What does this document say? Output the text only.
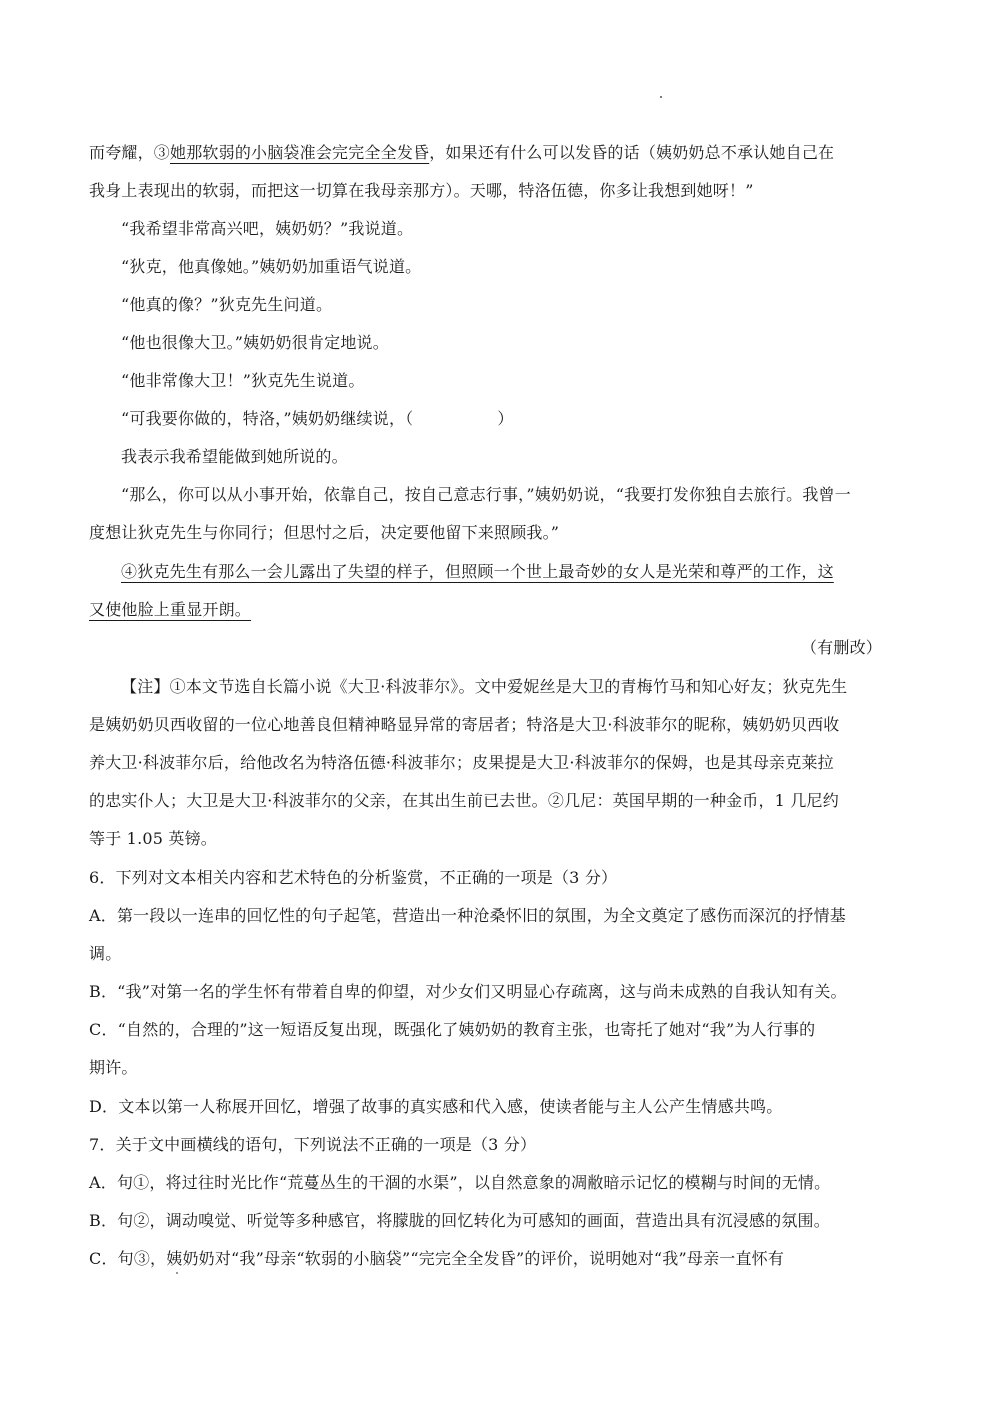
而夸耀，③她那软弱的小脑袋准会完完全全发昏，如果还有什么可以发昏的话（姨奶奶总不承认她自己在
我身上表现出的软弱，而把这一切算在我母亲那方）。天哪，特洛伍德，你多让我想到她呀！”
“我希望非常高兴吧，姨奶奶？”我说道。
“狄克，他真像她。”姨奶奶加重语气说道。
“他真的像？”狄克先生问道。
“他也很像大卫。”姨奶奶很肯定地说。
“他非常像大卫！”狄克先生说道。
“可我要你做的，特洛，”姨奶奶继续说，（	）
我表示我希望能做到她所说的。
“那么，你可以从小事开始，依靠自己，按自己意志行事，”姨奶奶说，“我要打发你独自去旅行。我曾一
度想让狄克先生与你同行；但思忖之后，决定要他留下来照顾我。”
④狄克先生有那么一会儿露出了失望的样子，但照顾一个世上最奇妙的女人是光荣和尊严的工作，这
又使他脸上重显开朗。
（有删改）
【注】①本文节选自长篇小说《大卫·科波菲尔》。文中爱妮丝是大卫的青梅竹马和知心好友；狄克先生
是姨奶奶贝西收留的一位心地善良但精神略显异常的寄居者；特洛是大卫·科波菲尔的昵称，姨奶奶贝西收
养大卫·科波菲尔后，给他改名为特洛伍德·科波菲尔；皮果提是大卫·科波菲尔的保姆，也是其母亲克莱拉
的忠实仆人；大卫是大卫·科波菲尔的父亲，在其出生前已去世。②几尼：英国早期的一种金币，1 几尼约
等于 1.05 英镑。
6．下列对文本相关内容和艺术特色的分析鉴赏，不正确的一项是（3 分）
A．第一段以一连串的回忆性的句子起笔，营造出一种沧桑怀旧的氛围，为全文奠定了感伤而深沉的抒情基
调。
B．“我”对第一名的学生怀有带着自卑的仰望，对少女们又明显心存疏离，这与尚未成熟的自我认知有关。
C．“自然的，合理的”这一短语反复出现，既强化了姨奶奶的教育主张，也寄托了她对“我”为人行事的
期许。
D．文本以第一人称展开回忆，增强了故事的真实感和代入感，使读者能与主人公产生情感共鸣。
7．关于文中画横线的语句，下列说法不正确的一项是（3 分）
A．句①，将过往时光比作“荒蔓丛生的干涸的水渠”，以自然意象的凋敝暗示记忆的模糊与时间的无情。
B．句②，调动嗅觉、听觉等多种感官，将朦胧的回忆转化为可感知的画面，营造出具有沉浸感的氛围。
C．句③，姨奶奶对“我”母亲“软弱的小脑袋”“完完全全发昏”的评价，说明她对“我”母亲一直怀有
